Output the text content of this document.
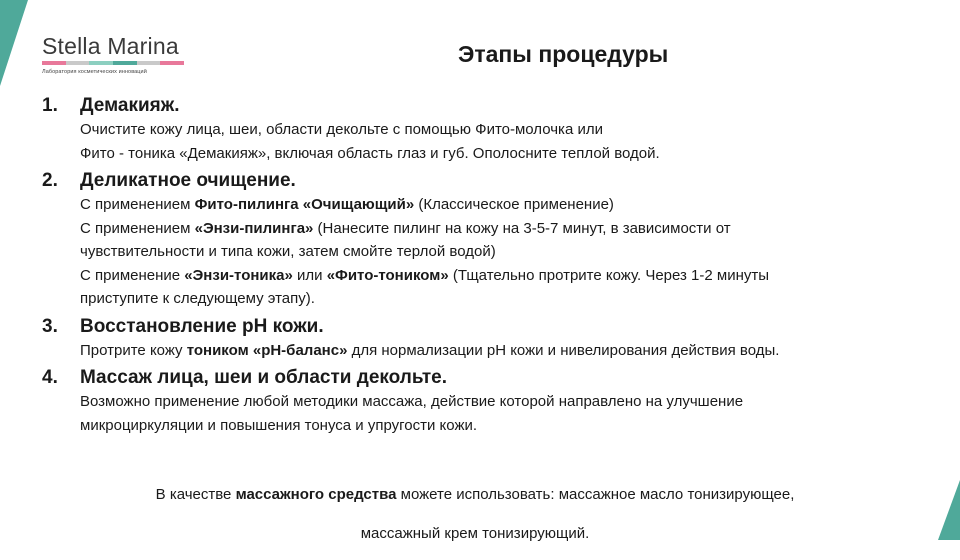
Stella Marina
Лаборатория косметических инноваций
Этапы процедуры
1.	Демакияж.

Очистите кожу лица, шеи, области декольте с помощью Фито-молочка или

Фито - тоника «Демакияж», включая область глаз и губ. Ополосните теплой водой.

2.	Деликатное очищение.

С применением Фито-пилинга «Очищающий» (Классическое применение)

С применением «Энзи-пилинга» (Нанесите пилинг на кожу на 3-5-7 минут, в зависимости от

чувствительности и типа кожи, затем смойте терлой водой)

С применение «Энзи-тоника» или «Фито-тоником» (Тщательно протрите кожу. Через 1-2 минуты

приступите к следующему этапу).

3.	Восстановление pH кожи.

Протрите кожу тоником «pH-баланс» для нормализации pH кожи и нивелирования действия воды.

4.	Массаж лица, шеи и области декольте.

Возможно применение любой методики массажа, действие которой направлено на улучшение

микроциркуляции и повышения тонуса и упругости кожи.

В качестве массажного средства можете использовать: массажное масло тонизирующее,

массажный крем тонизирующий.
